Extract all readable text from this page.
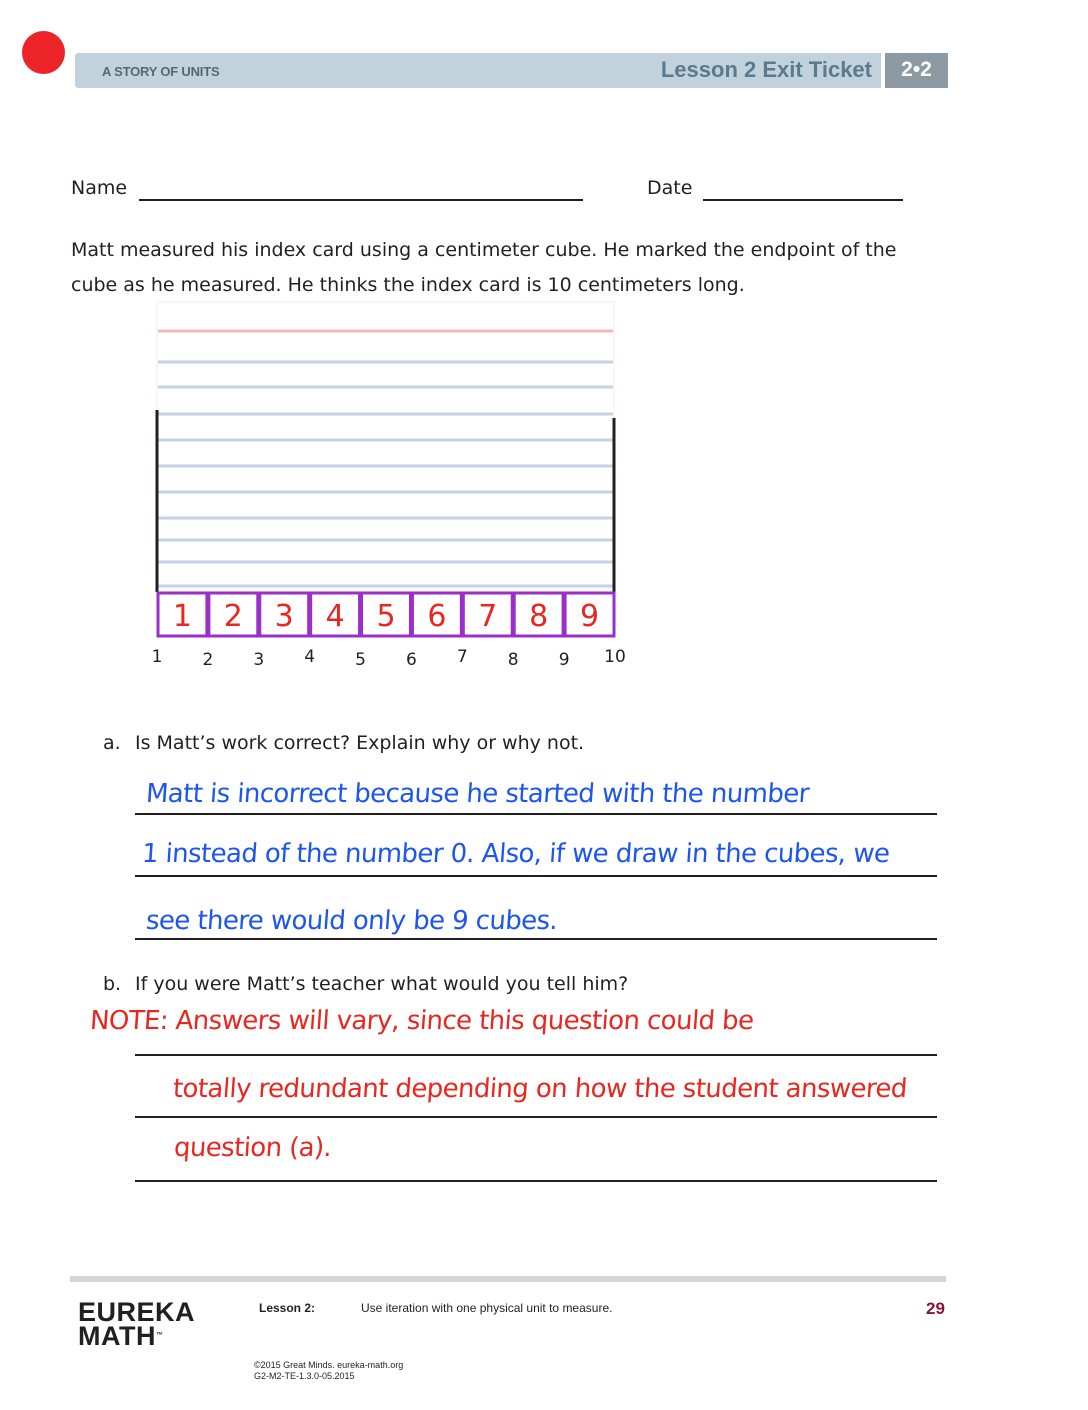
A STORY OF UNITS	Lesson 2 Exit Ticket	2•2
Name	Date
Matt measured his index card using a centimeter cube. He marked the endpoint of the
cube as he measured. He thinks the index card is 10 centimeters long.
1 2 3 4 5 6 7 8 9
1 2 3 4 5 6 7 8 9 10
a. Is Matt’s work correct? Explain why or why not.
Matt is incorrect because he started with the number
1 instead of the number 0. Also, if we draw in the cubes, we
see there would only be 9 cubes.
b. If you were Matt’s teacher what would you tell him?
NOTE: Answers will vary, since this question could be
totally redundant depending on how the student answered
question (a).
EUREKA
MATH™
Lesson 2:	Use iteration with one physical unit to measure.	29
©2015 Great Minds. eureka-math.org
G2-M2-TE-1.3.0-05.2015
